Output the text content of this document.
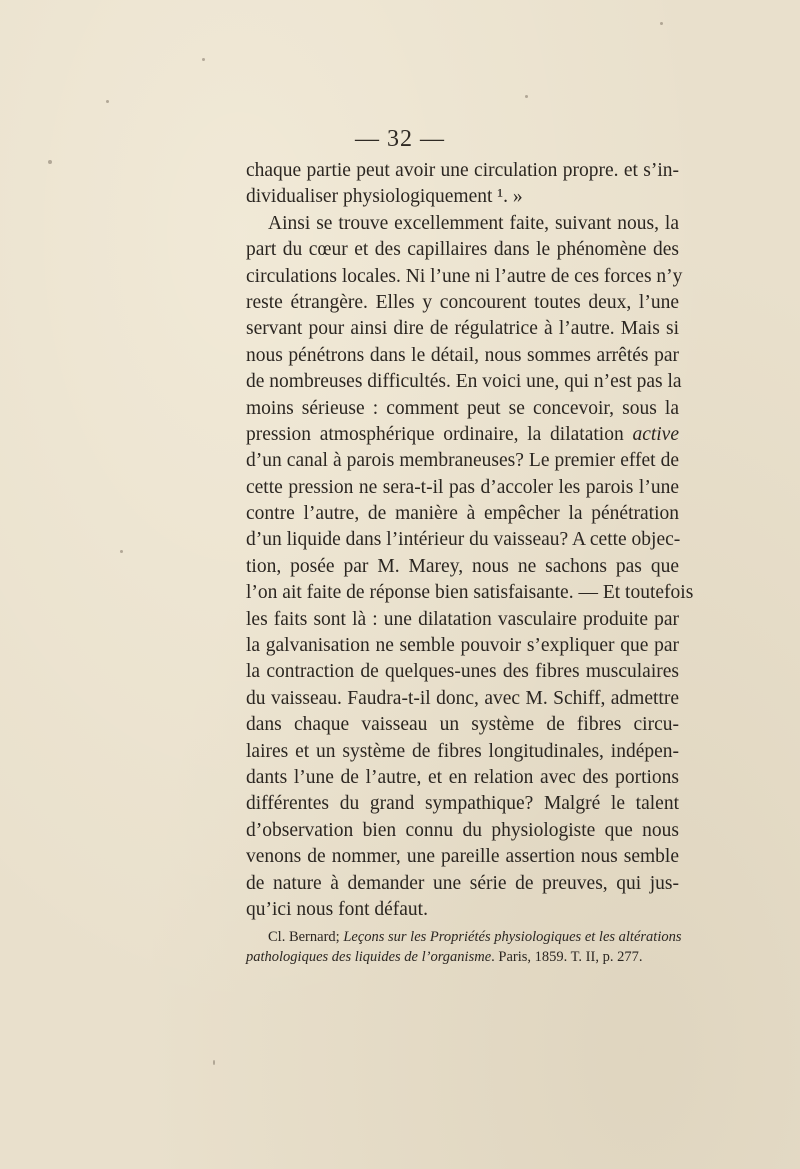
— 32 —
chaque partie peut avoir une circulation propre. et s’in-
dividualiser physiologiquement ¹. »
Ainsi se trouve excellemment faite, suivant nous, la
part du cœur et des capillaires dans le phénomène des
circulations locales. Ni l’une ni l’autre de ces forces n’y
reste étrangère. Elles y concourent toutes deux, l’une
servant pour ainsi dire de régulatrice à l’autre. Mais si
nous pénétrons dans le détail, nous sommes arrêtés par
de nombreuses difficultés. En voici une, qui n’est pas la
moins sérieuse : comment peut se concevoir, sous la
pression atmosphérique ordinaire, la dilatation active
d’un canal à parois membraneuses? Le premier effet de
cette pression ne sera-t-il pas d’accoler les parois l’une
contre l’autre, de manière à empêcher la pénétration
d’un liquide dans l’intérieur du vaisseau? A cette objec-
tion, posée par M. Marey, nous ne sachons pas que
l’on ait faite de réponse bien satisfaisante. — Et toutefois
les faits sont là : une dilatation vasculaire produite par
la galvanisation ne semble pouvoir s’expliquer que par
la contraction de quelques-unes des fibres musculaires
du vaisseau. Faudra-t-il donc, avec M. Schiff, admettre
dans chaque vaisseau un système de fibres circu-
laires et un système de fibres longitudinales, indépen-
dants l’une de l’autre, et en relation avec des portions
différentes du grand sympathique? Malgré le talent
d’observation bien connu du physiologiste que nous
venons de nommer, une pareille assertion nous semble
de nature à demander une série de preuves, qui jus-
qu’ici nous font défaut.
Cl. Bernard; Leçons sur les Propriétés physiologiques et les altérations
pathologiques des liquides de l’organisme. Paris, 1859. T. II, p. 277.
